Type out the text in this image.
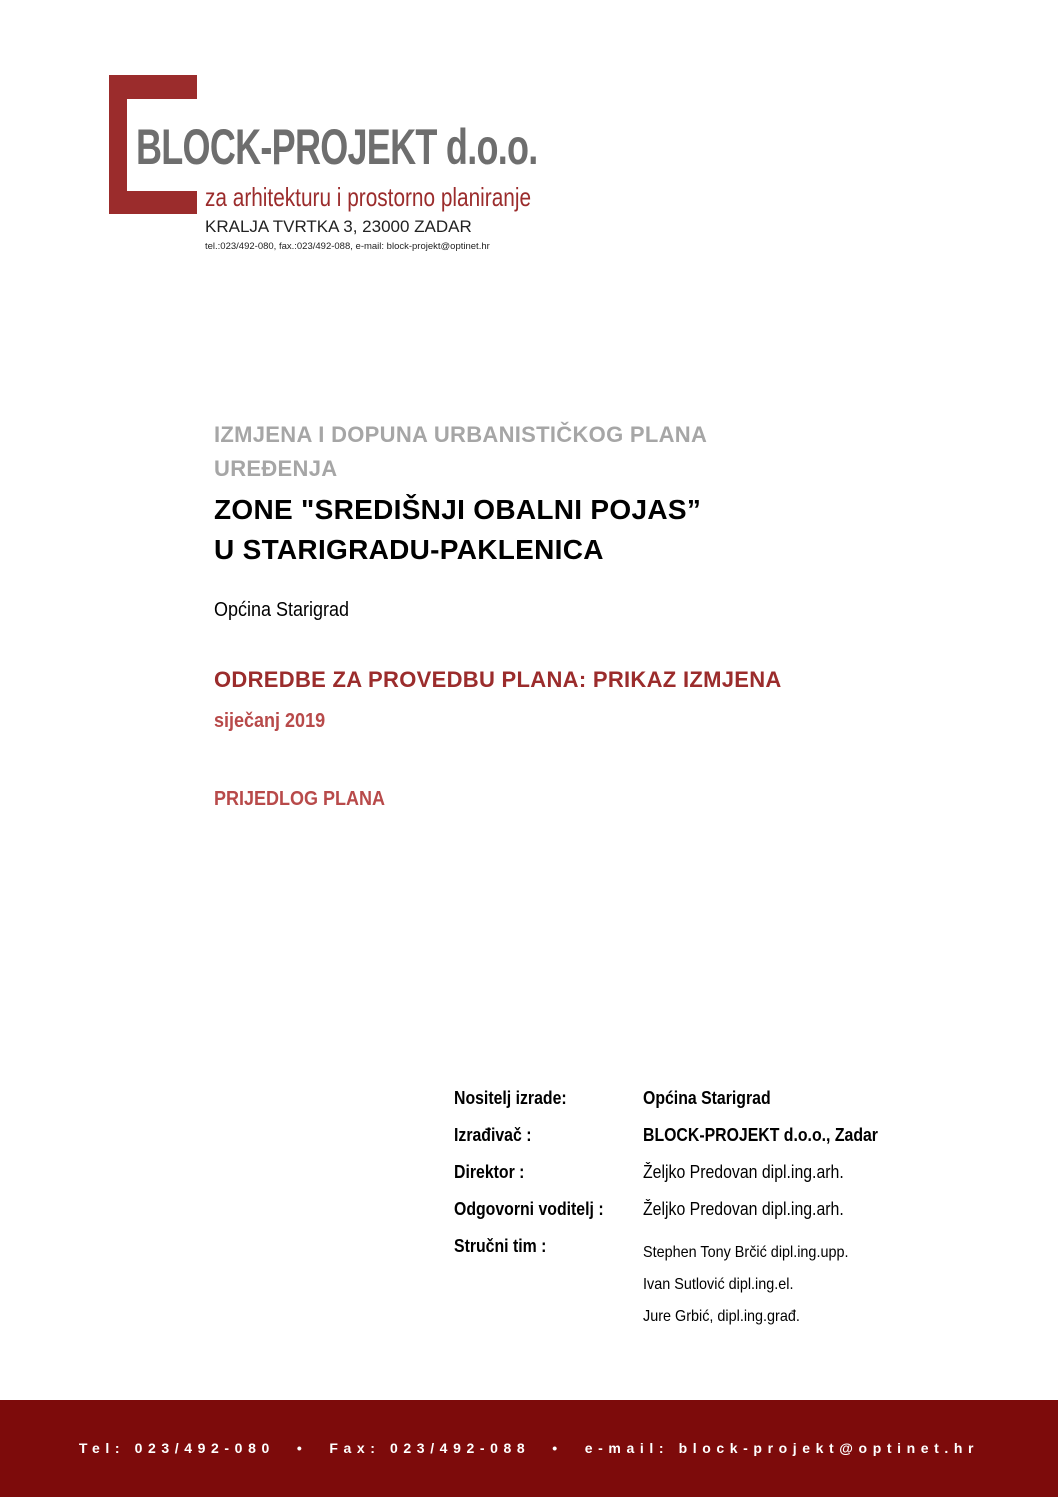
BLOCK-PROJEKT d.o.o.
za arhitekturu i prostorno planiranje
KRALJA TVRTKA 3, 23000 ZADAR
tel.:023/492-080, fax.:023/492-088, e-mail: block-projekt@optinet.hr
IZMJENA I DOPUNA URBANISTIČKOG PLANA
UREĐENJA
ZONE "SREDIŠNJI OBALNI POJAS”
U STARIGRADU-PAKLENICA
Općina Starigrad
ODREDBE ZA PROVEDBU PLANA: PRIKAZ IZMJENA
siječanj 2019
PRIJEDLOG PLANA
Nositelj izrade:	Općina Starigrad
Izrađivač :	BLOCK-PROJEKT d.o.o., Zadar
Direktor :	Željko Predovan dipl.ing.arh.
Odgovorni voditelj : Željko Predovan dipl.ing.arh.
Stručni tim :	Stephen Tony Brčić dipl.ing.upp.
Ivan Sutlović dipl.ing.el.
Jure Grbić, dipl.ing.građ.
Tel: 023/492-080 • Fax: 023/492-088 • e-mail: block-projekt@optinet.hr
